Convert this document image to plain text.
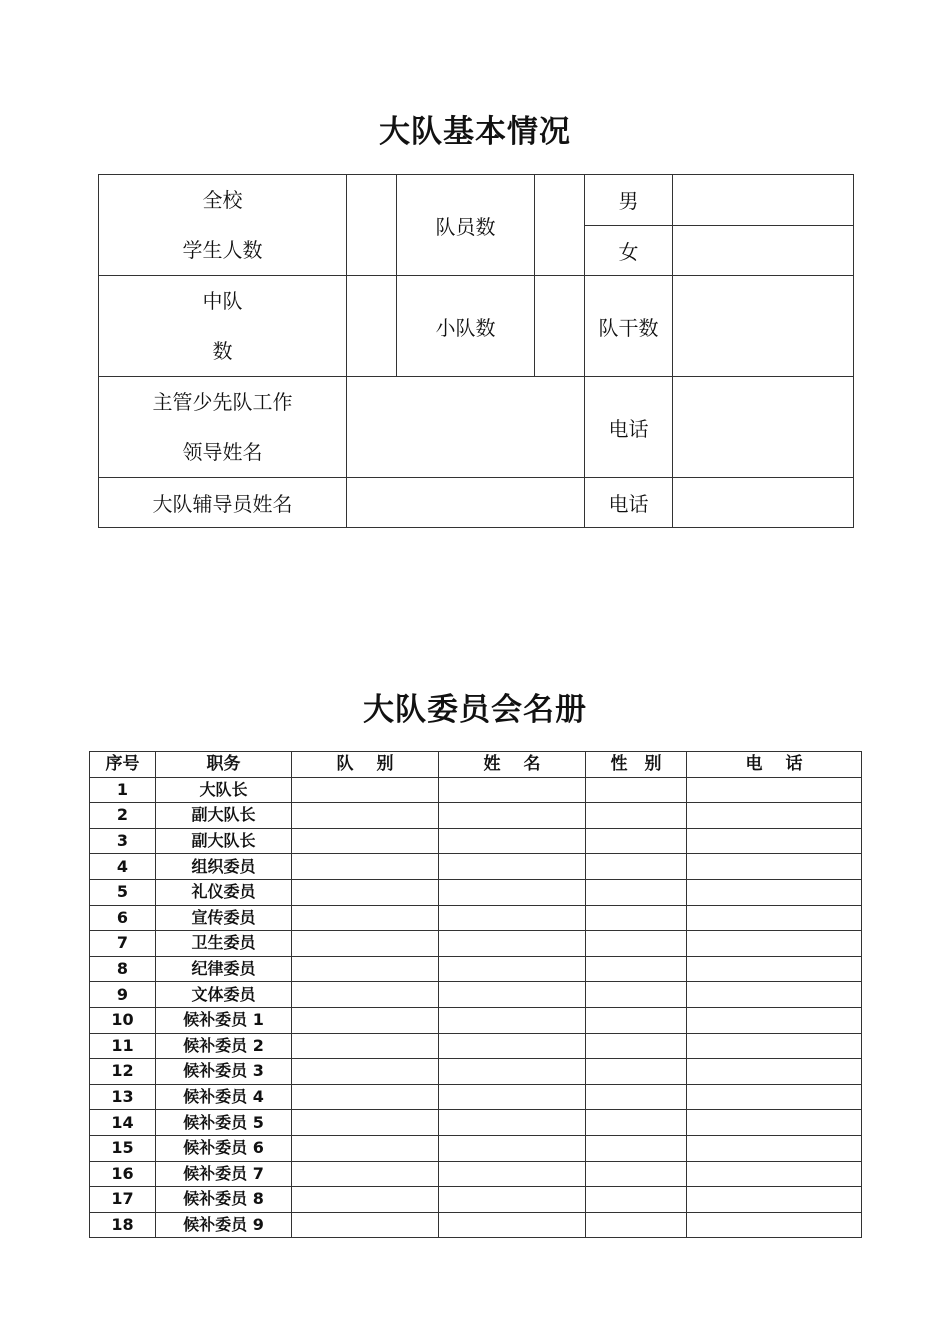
大队基本情况
全校
学生人数		队员数		男	
				女	

中队
数		小队数		队干数	

主管少先队工作
领导姓名				电话	

大队辅导员姓名				电话	
大队委员会名册
序号	职务	队　 别	姓　 名	性　别	电　 话
1	大队长				
2	副大队长				
3	副大队长				
4	组织委员				
5	礼仪委员				
6	宣传委员				
7	卫生委员				
8	纪律委员				
9	文体委员				
10	候补委员 1				
11	候补委员 2				
12	候补委员 3				
13	候补委员 4				
14	候补委员 5				
15	候补委员 6				
16	候补委员 7				
17	候补委员 8				
18	候补委员 9				
